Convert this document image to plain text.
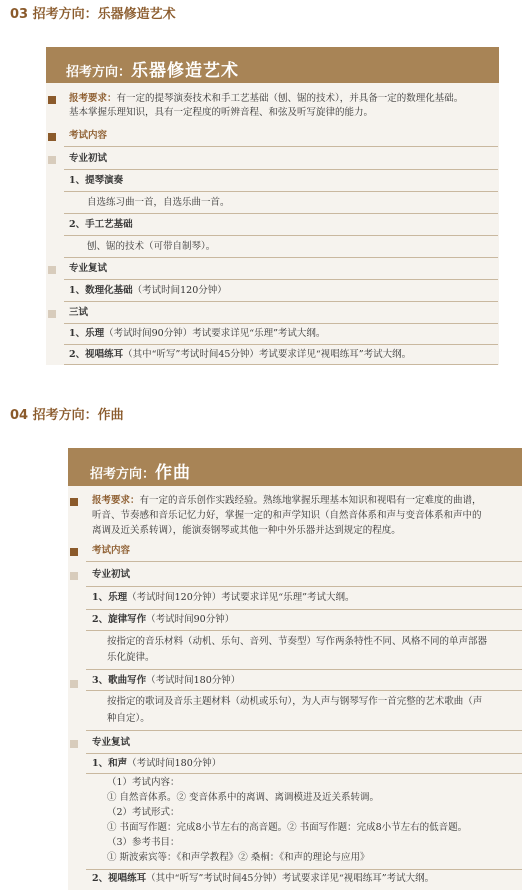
03 招考方向：乐器修造艺术
招考方向：乐器修造艺术
报考要求：有一定的提琴演奏技术和手工艺基础（刨、锯的技术），并具备一定的数理化基础。
基本掌握乐理知识，具有一定程度的听辨音程、和弦及听写旋律的能力。
考试内容
专业初试
1、提琴演奏
自选练习曲一首，自选乐曲一首。
2、手工艺基础
刨、锯的技术（可带自制琴）。
专业复试
1、数理化基础（考试时间120分钟）
三试
1、乐理（考试时间90分钟）考试要求详见“乐理”考试大纲。
2、视唱练耳（其中“听写”考试时间45分钟）考试要求详见“视唱练耳”考试大纲。
04 招考方向：作曲
招考方向：作曲
报考要求：有一定的音乐创作实践经验。熟练地掌握乐理基本知识和视唱有一定难度的曲谱，
听音、节奏感和音乐记忆力好，掌握一定的和声学知识（自然音体系和声与变音体系和声中的
离调及近关系转调），能演奏钢琴或其他一种中外乐器并达到规定的程度。
考试内容
专业初试
1、乐理（考试时间120分钟）考试要求详见“乐理”考试大纲。
2、旋律写作（考试时间90分钟）
按指定的音乐材料（动机、乐句、音列、节奏型）写作两条特性不同、风格不同的单声部器
乐化旋律。
3、歌曲写作（考试时间180分钟）
按指定的歌词及音乐主题材料（动机或乐句），为人声与钢琴写作一首完整的艺术歌曲（声
种自定）。
专业复试
1、和声（考试时间180分钟）
（1）考试内容：
① 自然音体系。② 变音体系中的离调、离调模进及近关系转调。
（2）考试形式：
① 书面写作题：完成8小节左右的高音题。② 书面写作题：完成8小节左右的低音题。
（3）参考书目：
① 斯波索宾等：《和声学教程》② 桑桐：《和声的理论与应用》
2、视唱练耳（其中“听写”考试时间45分钟）考试要求详见“视唱练耳”考试大纲。
